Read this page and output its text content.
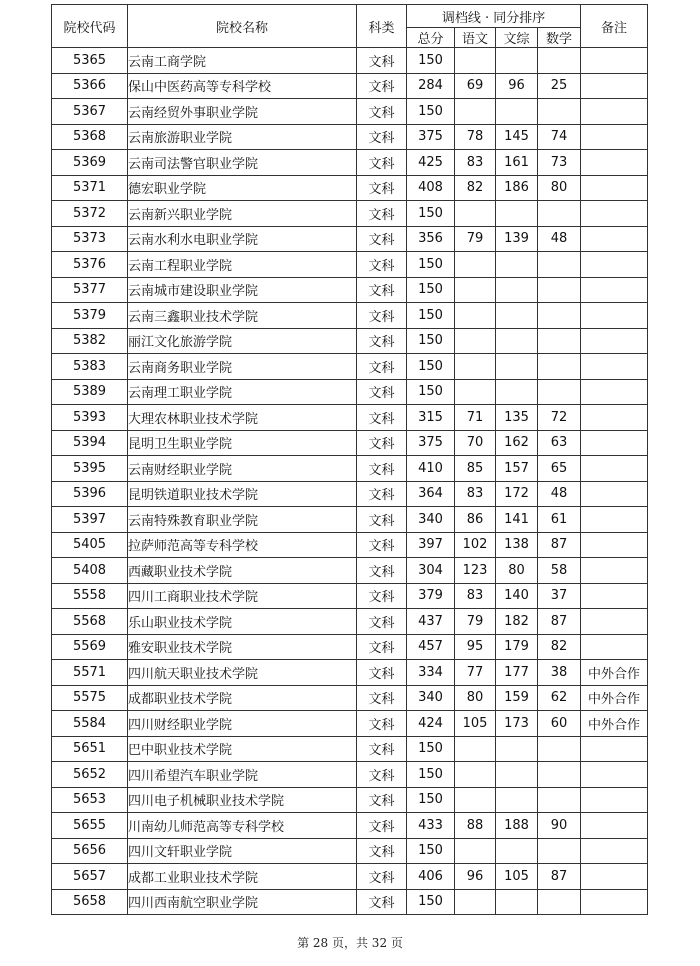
院校代码	院校名称	科类	调档线 · 同分排序				备注
			总分	语文	文综	数学	
5365	云南工商学院	文科	150				
5366	保山中医药高等专科学校	文科	284	69	96	25	
5367	云南经贸外事职业学院	文科	150				
5368	云南旅游职业学院	文科	375	78	145	74	
5369	云南司法警官职业学院	文科	425	83	161	73	
5371	德宏职业学院	文科	408	82	186	80	
5372	云南新兴职业学院	文科	150				
5373	云南水利水电职业学院	文科	356	79	139	48	
5376	云南工程职业学院	文科	150				
5377	云南城市建设职业学院	文科	150				
5379	云南三鑫职业技术学院	文科	150				
5382	丽江文化旅游学院	文科	150				
5383	云南商务职业学院	文科	150				
5389	云南理工职业学院	文科	150				
5393	大理农林职业技术学院	文科	315	71	135	72	
5394	昆明卫生职业学院	文科	375	70	162	63	
5395	云南财经职业学院	文科	410	85	157	65	
5396	昆明铁道职业技术学院	文科	364	83	172	48	
5397	云南特殊教育职业学院	文科	340	86	141	61	
5405	拉萨师范高等专科学校	文科	397	102	138	87	
5408	西藏职业技术学院	文科	304	123	80	58	
5558	四川工商职业技术学院	文科	379	83	140	37	
5568	乐山职业技术学院	文科	437	79	182	87	
5569	雅安职业技术学院	文科	457	95	179	82	
5571	四川航天职业技术学院	文科	334	77	177	38	中外合作
5575	成都职业技术学院	文科	340	80	159	62	中外合作
5584	四川财经职业学院	文科	424	105	173	60	中外合作
5651	巴中职业技术学院	文科	150				
5652	四川希望汽车职业学院	文科	150				
5653	四川电子机械职业技术学院	文科	150				
5655	川南幼儿师范高等专科学校	文科	433	88	188	90	
5656	四川文轩职业学院	文科	150				
5657	成都工业职业技术学院	文科	406	96	105	87	
5658	四川西南航空职业学院	文科	150				
第 28 页，共 32 页
